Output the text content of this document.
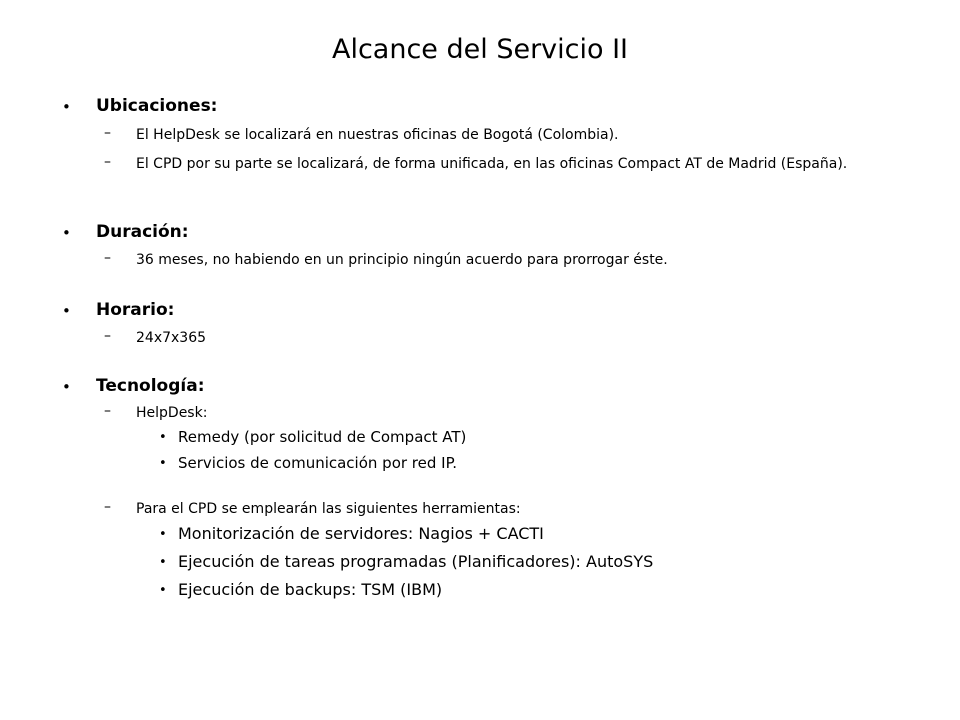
Alcance del Servicio II
• Ubicaciones:
– El HelpDesk se localizará en nuestras oficinas de Bogotá (Colombia).
– El CPD por su parte se localizará, de forma unificada, en las oficinas Compact AT de Madrid (España).
• Duración:
– 36 meses, no habiendo en un principio ningún acuerdo para prorrogar éste.
• Horario:
– 24x7x365
• Tecnología:
– HelpDesk:
• Remedy (por solicitud de Compact AT)
• Servicios de comunicación por red IP.
– Para el CPD se emplearán las siguientes herramientas:
• Monitorización de servidores: Nagios + CACTI
• Ejecución de tareas programadas (Planificadores): AutoSYS
• Ejecución de backups: TSM (IBM)
